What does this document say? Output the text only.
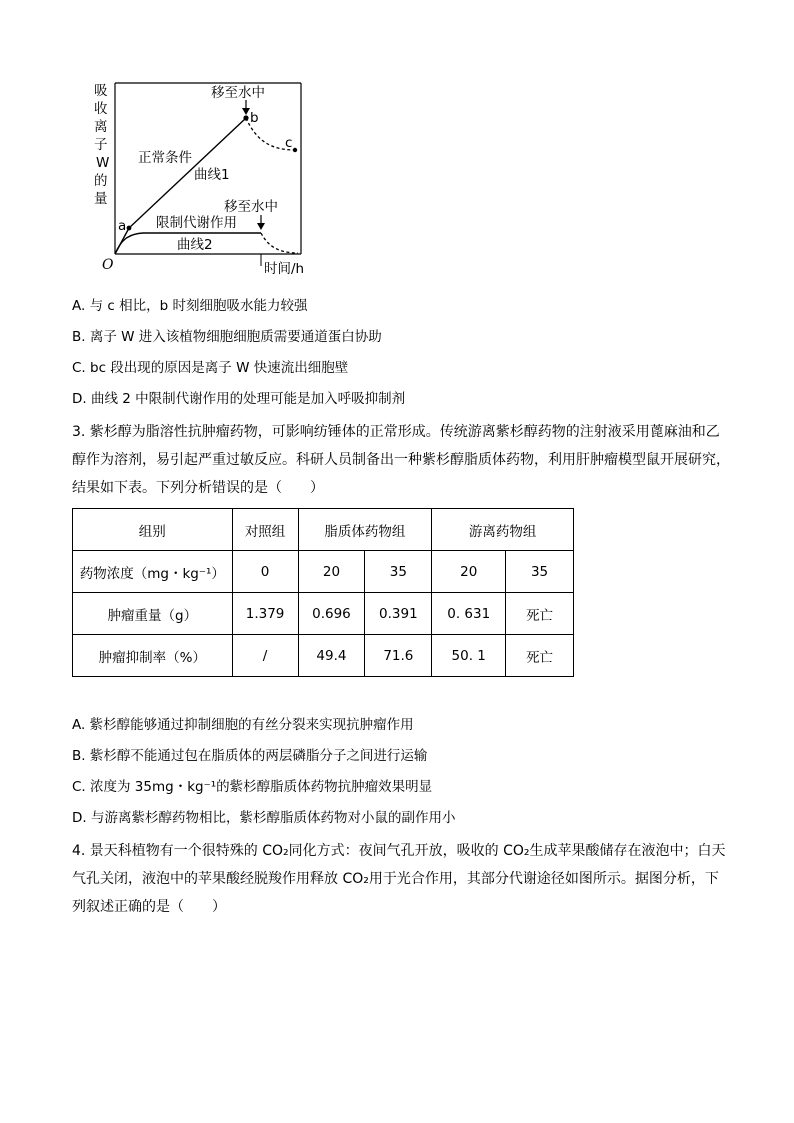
吸
收
离
子
W
的
量
O
移至水中
b
c
a
正常条件
曲线1
移至水中
限制代谢作用
曲线2
时间/h
A. 与 c 相比，b 时刻细胞吸水能力较强
B. 离子 W 进入该植物细胞细胞质需要通道蛋白协助
C. bc 段出现的原因是离子 W 快速流出细胞壁
D. 曲线 2 中限制代谢作用的处理可能是加入呼吸抑制剂
3. 紫杉醇为脂溶性抗肿瘤药物，可影响纺锤体的正常形成。传统游离紫杉醇药物的注射液采用蓖麻油和乙醇作为溶剂，易引起严重过敏反应。科研人员制备出一种紫杉醇脂质体药物，利用肝肿瘤模型鼠开展研究，结果如下表。下列分析错误的是（　　）
组别	对照组	脂质体药物组		游离药物组	
药物浓度（mg・kg⁻¹）	0	20	35	20	35
肿瘤重量（g）	1.379	0.696	0.391	0. 631	死亡
肿瘤抑制率（%）	/	49.4	71.6	50. 1	死亡
A. 紫杉醇能够通过抑制细胞的有丝分裂来实现抗肿瘤作用
B. 紫杉醇不能通过包在脂质体的两层磷脂分子之间进行运输
C. 浓度为 35mg・kg⁻¹的紫杉醇脂质体药物抗肿瘤效果明显
D. 与游离紫杉醇药物相比，紫杉醇脂质体药物对小鼠的副作用小
4. 景天科植物有一个很特殊的 CO₂同化方式：夜间气孔开放，吸收的 CO₂生成苹果酸储存在液泡中；白天气孔关闭，液泡中的苹果酸经脱羧作用释放 CO₂用于光合作用，其部分代谢途径如图所示。据图分析，下列叙述正确的是（　　）
